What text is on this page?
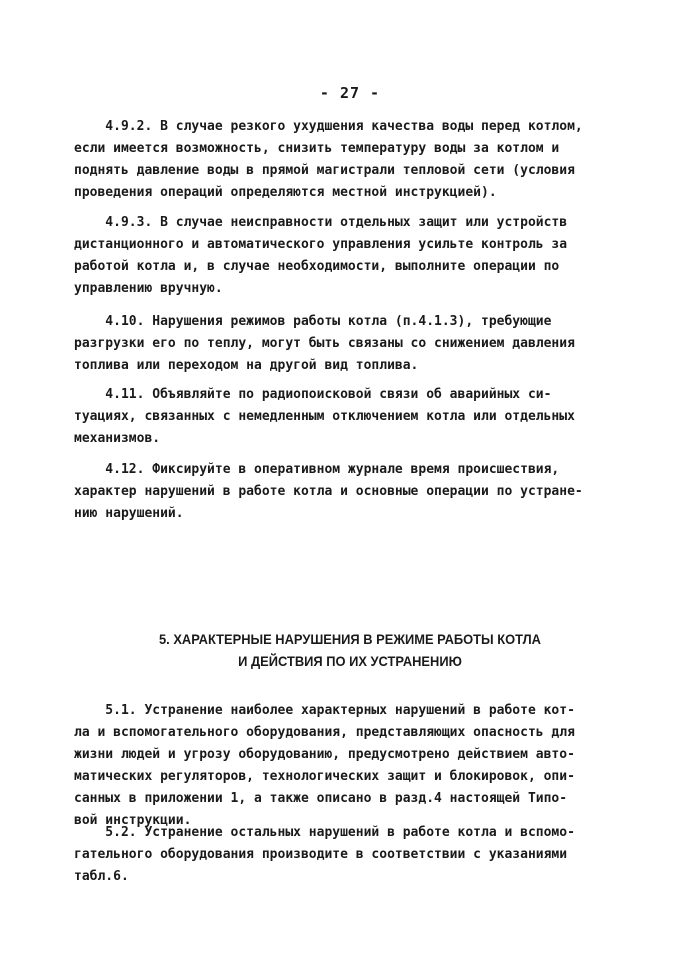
- 27 -
4.9.2. В случае резкого ухудшения качества воды перед котлом,
если имеется возможность, снизить температуру воды за котлом и
поднять давление воды в прямой магистрали тепловой сети (условия
проведения операций определяются местной инструкцией).
4.9.3. В случае неисправности отдельных защит или устройств
дистанционного и автоматического управления усильте контроль за
работой котла и, в случае необходимости, выполните операции по
управлению вручную.
4.10. Нарушения режимов работы котла (п.4.1.3), требующие
разгрузки его по теплу, могут быть связаны со снижением давления
топлива или переходом на другой вид топлива.
4.11. Объявляйте по радиопоисковой связи об аварийных си-
туациях, связанных с немедленным отключением котла или отдельных
механизмов.
4.12. Фиксируйте в оперативном журнале время происшествия,
характер нарушений в работе котла и основные операции по устране-
нию нарушений.
5. ХАРАКТЕРНЫЕ НАРУШЕНИЯ В РЕЖИМЕ РАБОТЫ КОТЛА
И ДЕЙСТВИЯ ПО ИХ УСТРАНЕНИЮ
5.1. Устранение наиболее характерных нарушений в работе кот-
ла и вспомогательного оборудования, представляющих опасность для
жизни людей и угрозу оборудованию, предусмотрено действием авто-
матических регуляторов, технологических защит и блокировок, опи-
санных в приложении 1, а также описано в разд.4 настоящей Типо-
вой инструкции.
5.2. Устранение остальных нарушений в работе котла и вспомо-
гательного оборудования производите в соответствии с указаниями
табл.6.
